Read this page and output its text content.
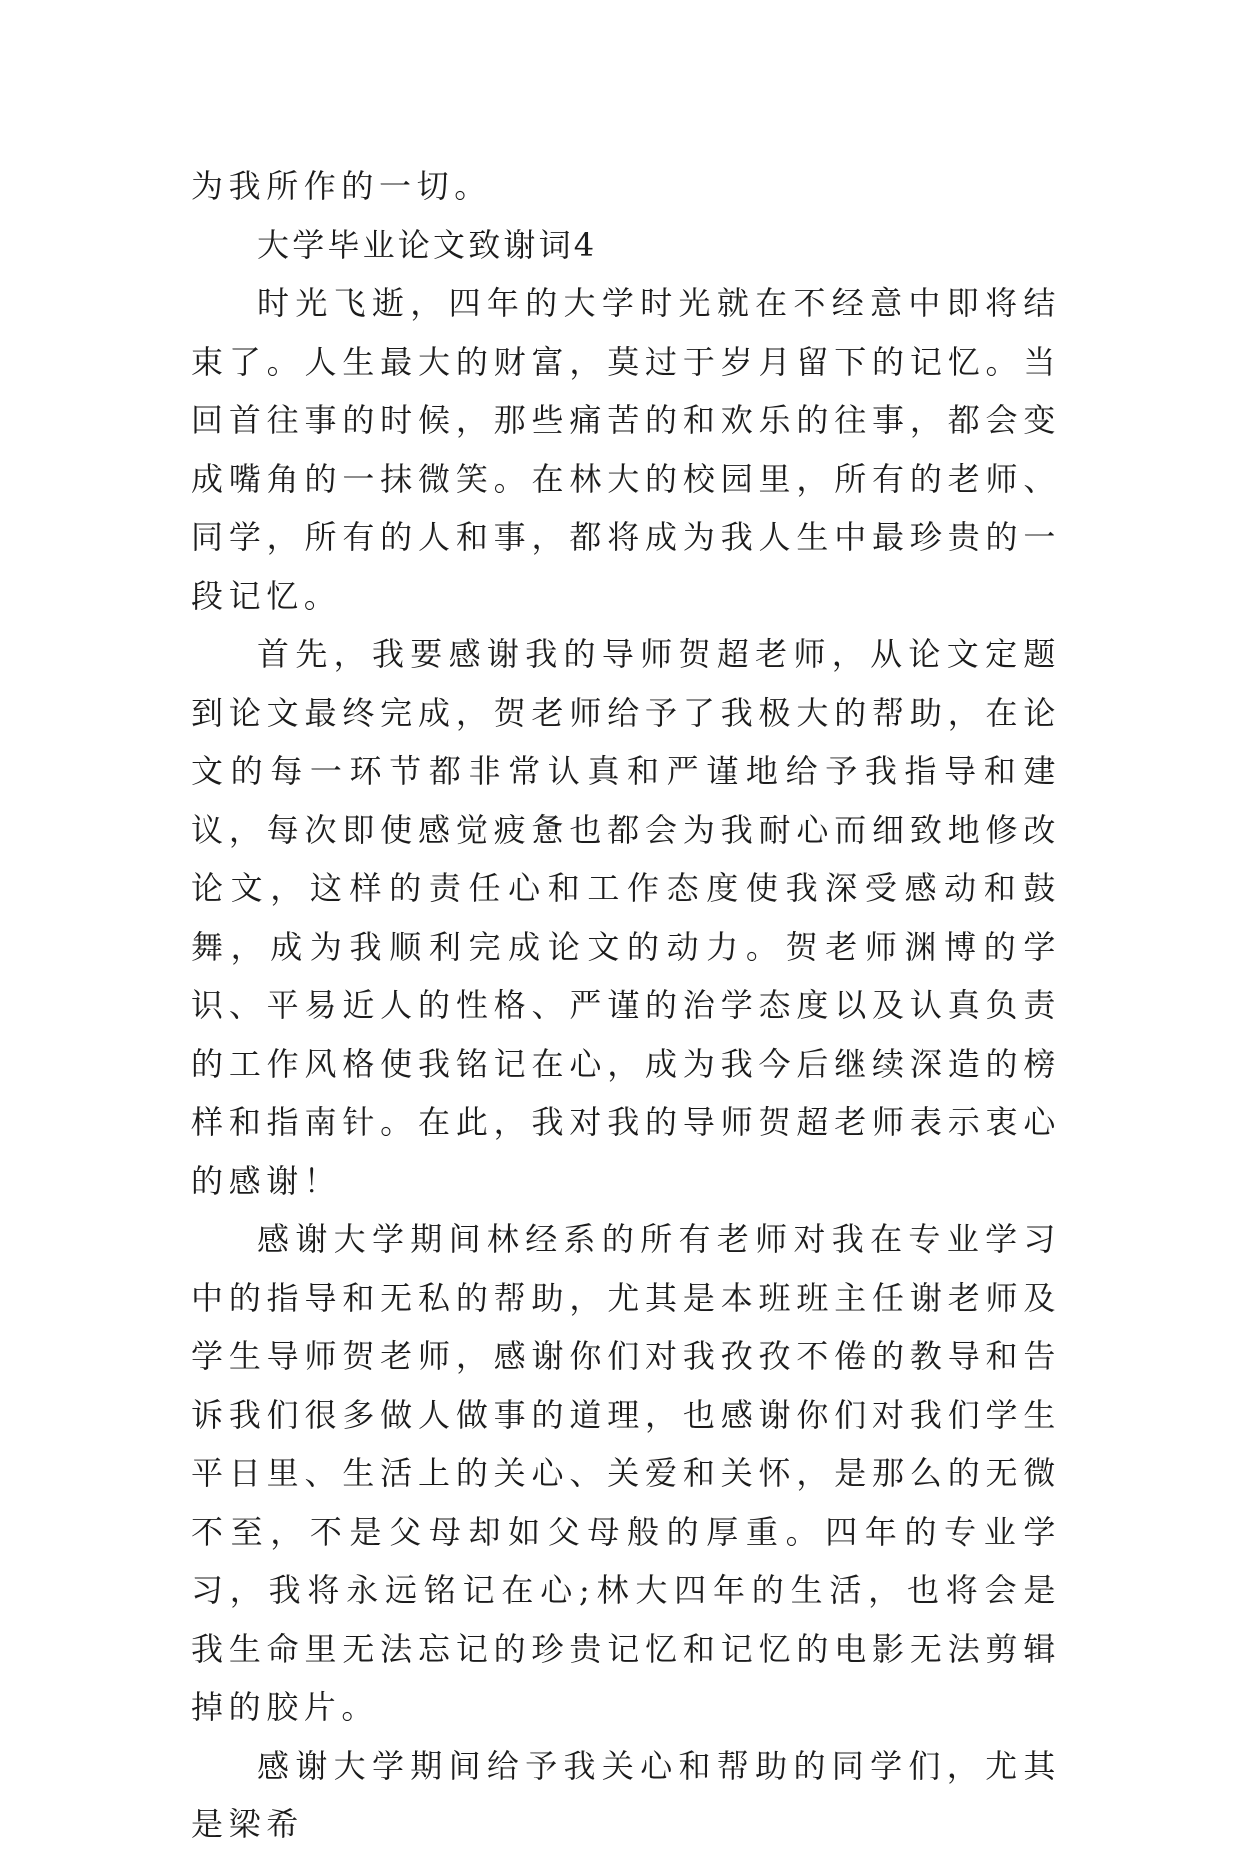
为我所作的一切。

大学毕业论文致谢词4

时光飞逝，四年的大学时光就在不经意中即将结束了。人生最大的财富，莫过于岁月留下的记忆。当回首往事的时候，那些痛苦的和欢乐的往事，都会变成嘴角的一抹微笑。在林大的校园里，所有的老师、同学，所有的人和事，都将成为我人生中最珍贵的一段记忆。

首先，我要感谢我的导师贺超老师，从论文定题到论文最终完成，贺老师给予了我极大的帮助，在论文的每一环节都非常认真和严谨地给予我指导和建议，每次即使感觉疲惫也都会为我耐心而细致地修改论文，这样的责任心和工作态度使我深受感动和鼓舞，成为我顺利完成论文的动力。贺老师渊博的学识、平易近人的性格、严谨的治学态度以及认真负责的工作风格使我铭记在心，成为我今后继续深造的榜样和指南针。在此，我对我的导师贺超老师表示衷心的感谢！

感谢大学期间林经系的所有老师对我在专业学习中的指导和无私的帮助，尤其是本班班主任谢老师及学生导师贺老师，感谢你们对我孜孜不倦的教导和告诉我们很多做人做事的道理，也感谢你们对我们学生平日里、生活上的关心、关爱和关怀，是那么的无微不至，不是父母却如父母般的厚重。四年的专业学习，我将永远铭记在心;林大四年的生活，也将会是我生命里无法忘记的珍贵记忆和记忆的电影无法剪辑掉的胶片。

感谢大学期间给予我关心和帮助的同学们，尤其是梁希
